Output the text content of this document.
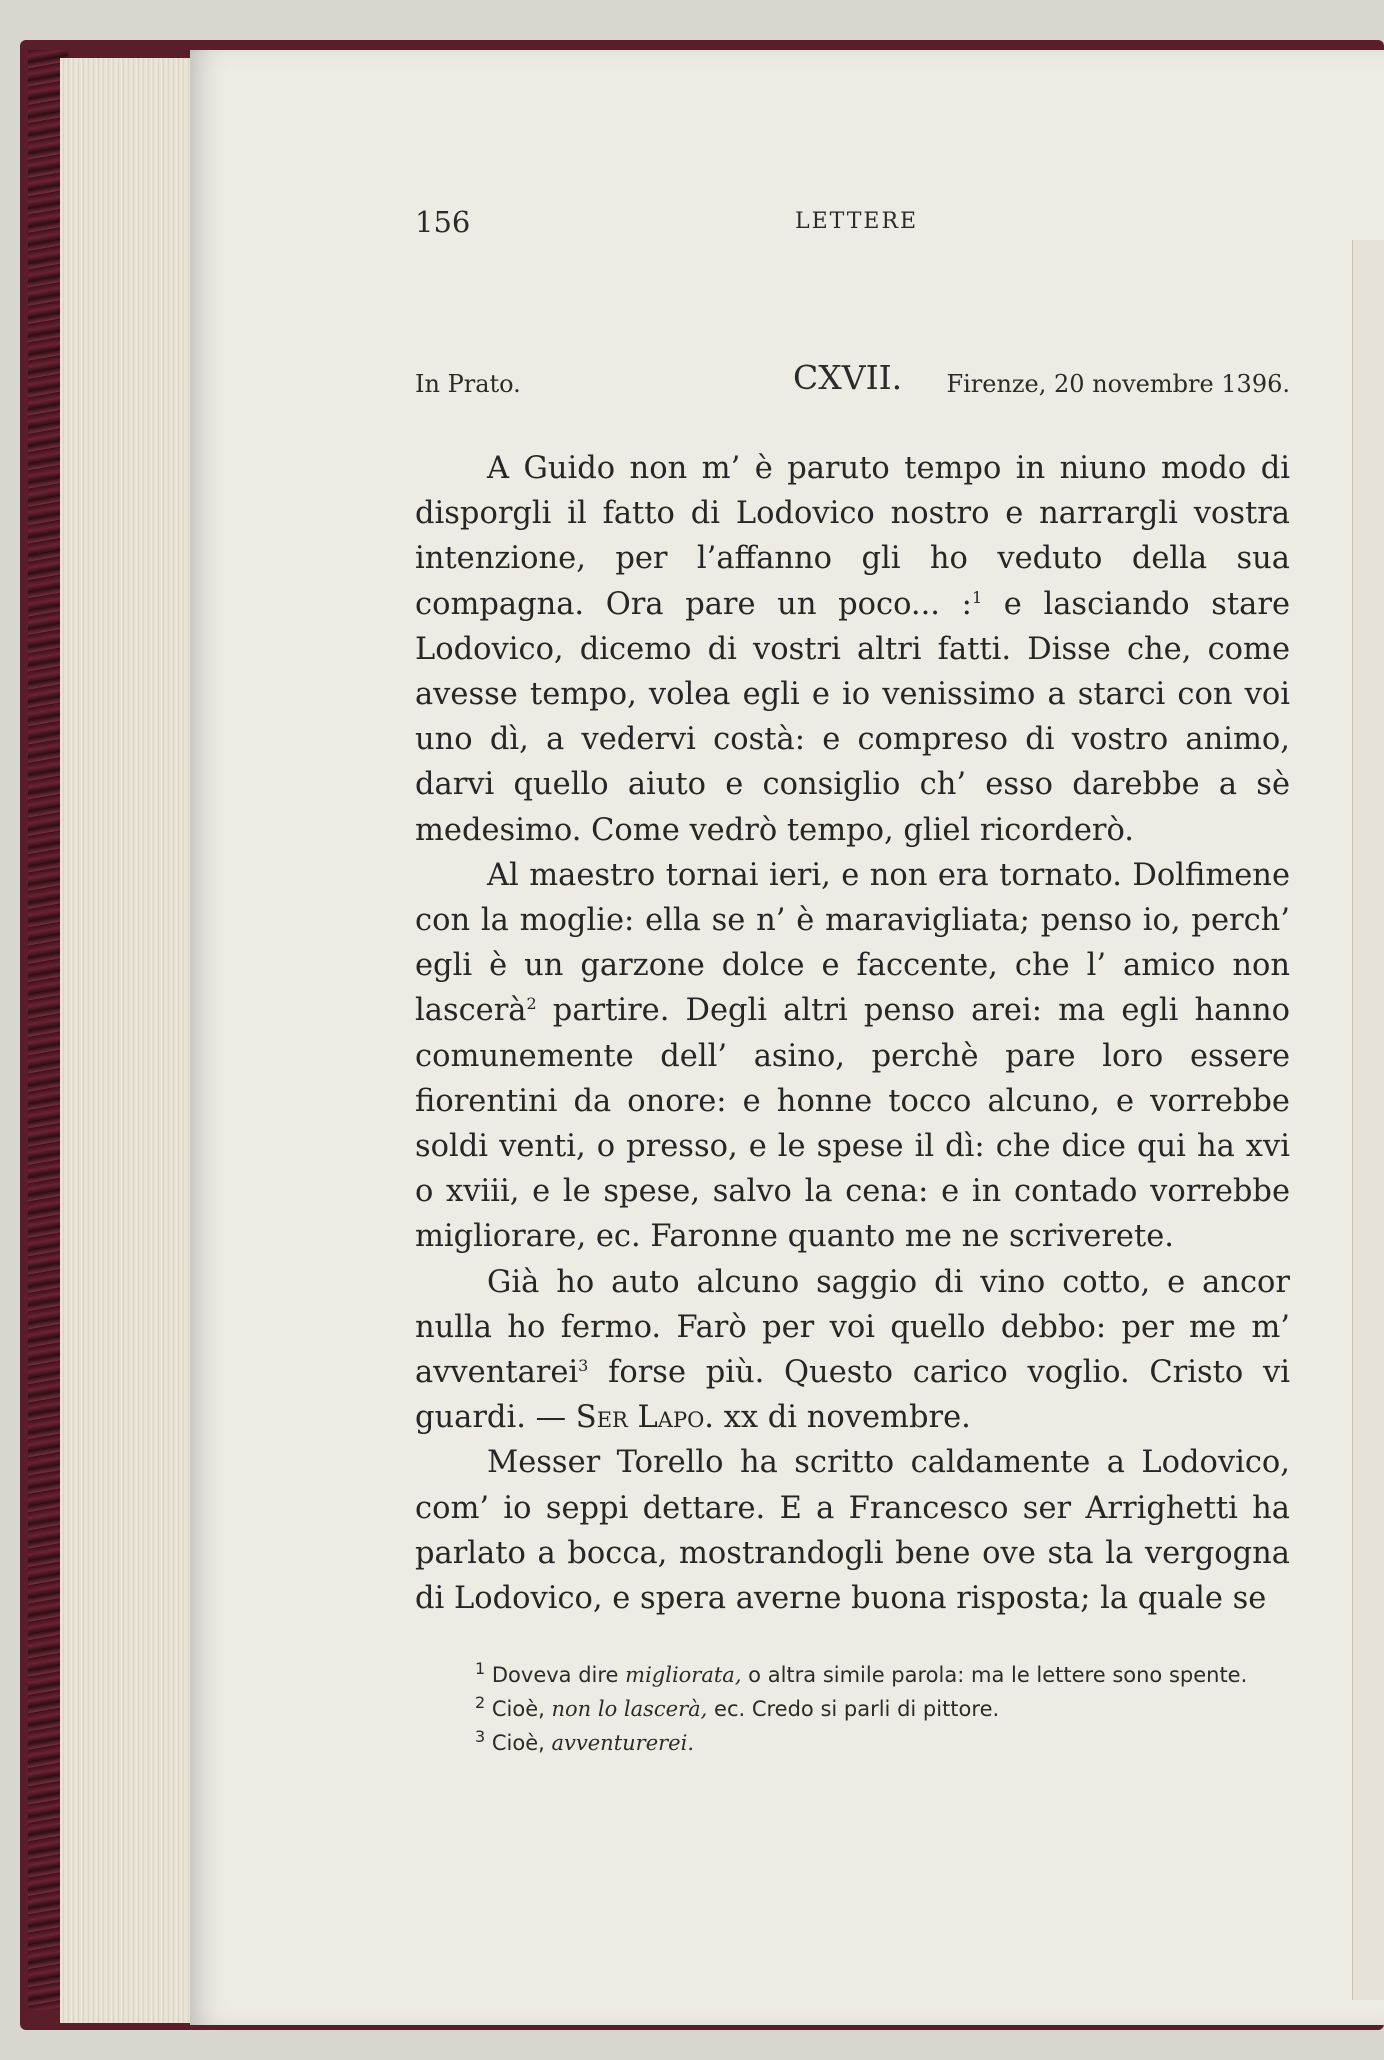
156	LETTERE
In Prato.	CXVII. Firenze, 20 novembre 1396.

A Guido non m’ è paruto tempo in niuno modo di disporgli il fatto di Lodovico nostro e narrargli vostra intenzione, per l’affanno gli ho veduto della sua compagna. Ora pare un poco... :$^1$ e lasciando stare Lodovico, dicemo di vostri altri fatti. Disse che, come avesse tempo, volea egli e io venissimo a starci con voi uno dì, a vedervi costà: e compreso di vostro animo, darvi quello aiuto e consiglio ch’ esso darebbe a sè medesimo. Come vedrò tempo, gliel ricorderò.

Al maestro tornai ieri, e non era tornato. Dolfimene con la moglie: ella se n’ è maravigliata; penso io, perch’ egli è un garzone dolce e faccente, che l’ amico non lascerà$^2$ partire. Degli altri penso arei: ma egli hanno comunemente dell’ asino, perchè pare loro essere fiorentini da onore: e honne tocco alcuno, e vorrebbe soldi venti, o presso, e le spese il dì: che dice qui ha xvi o xviii, e le spese, salvo la cena: e in contado vorrebbe migliorare, ec. Faronne quanto me ne scriverete.

Già ho auto alcuno saggio di vino cotto, e ancor nulla ho fermo. Farò per voi quello debbo: per me m’ avventarei$^3$ forse più. Questo carico voglio. Cristo vi guardi. — Ser Lapo. xx di novembre.

Messer Torello ha scritto caldamente a Lodovico, com’ io seppi dettare. E a Francesco ser Arrighetti ha parlato a bocca, mostrandogli bene ove sta la vergogna di Lodovico, e spera averne buona risposta; la quale se

$^1$ Doveva dire migliorata, o altra simile parola: ma le lettere sono spente.

$^2$ Cioè, non lo lascerà, ec. Credo si parli di pittore.

$^3$ Cioè, avventurerei.
